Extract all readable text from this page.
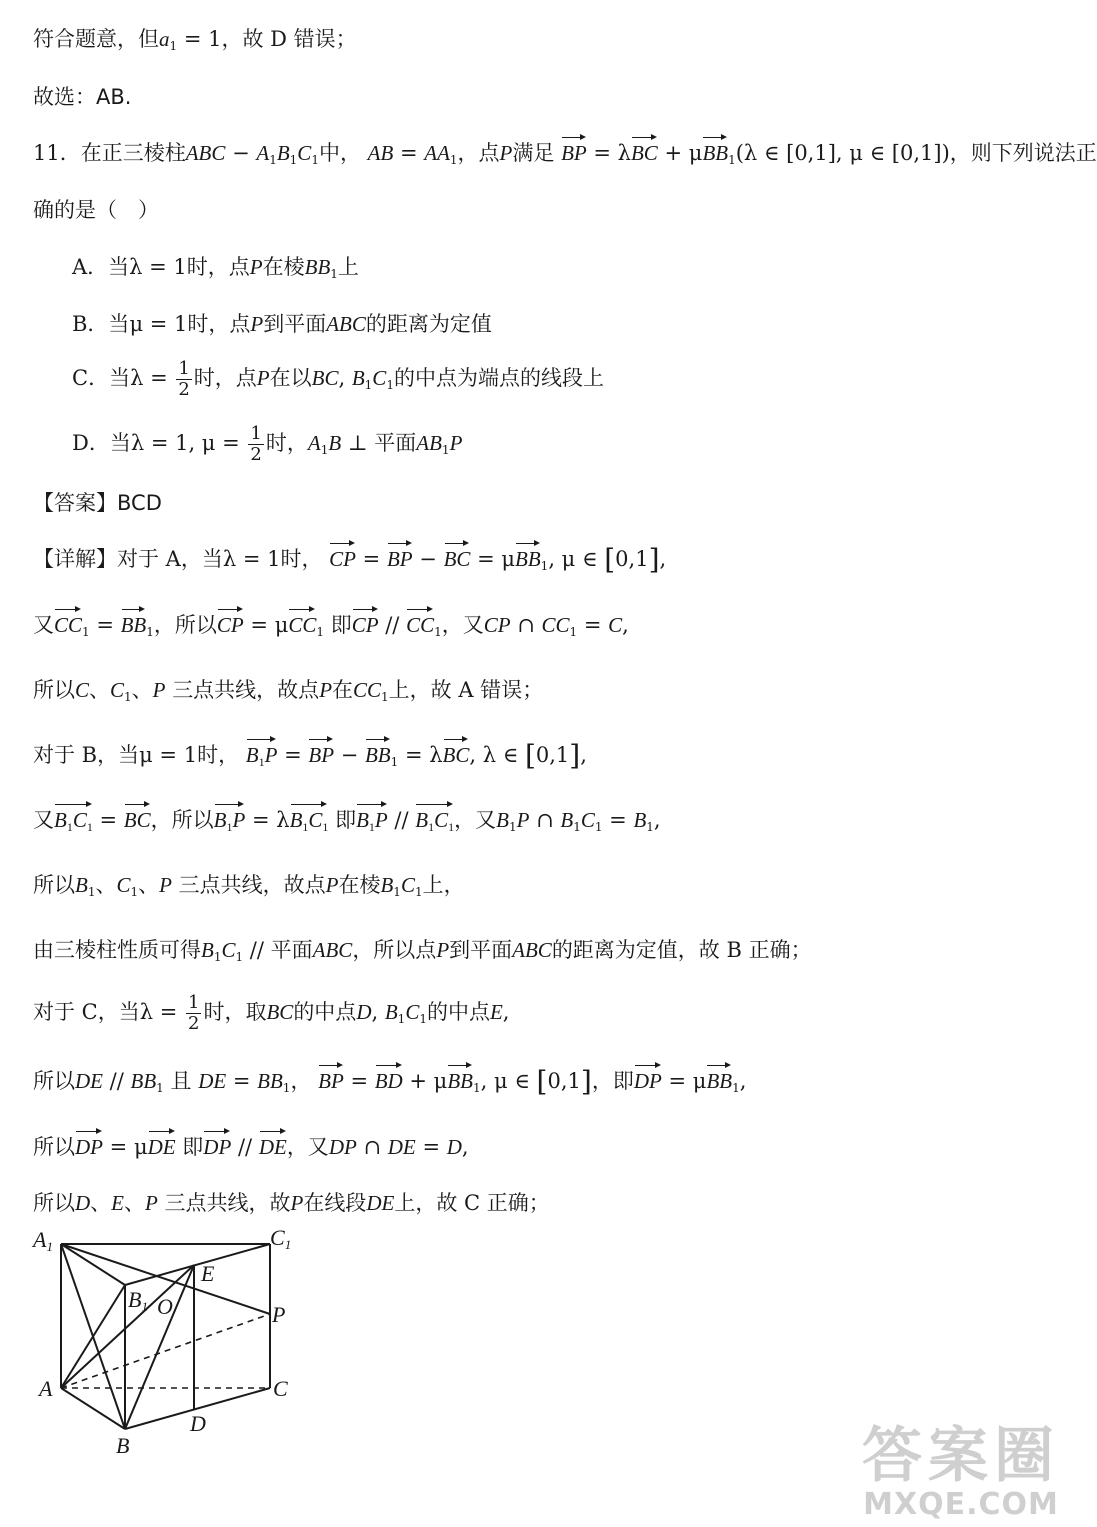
符合题意，但$a_1 = 1$，故 D 错误；
故选：AB.
11．在正三棱柱ABC − $A_1B_1C_1$中， AB = $AA_1$，点P满足 BP = λBC + μBB$_1$(λ ∈ [0,1], μ ∈ [0,1])，则下列说法正
确的是（　）
A．当λ = 1时，点P在棱$BB_1$上
B．当μ = 1时，点P到平面ABC的距离为定值
C．当$\lambda = \frac{1}{2}$ 时，点P在以BC, $B_1C_1$的中点为端点的线段上
D．当λ = 1, $\mu = \frac{1}{2}$ 时，$A_1B$ ⊥ 平面$AB_1P$
【答案】BCD
【详解】对于 A，当λ = 1时， CP = BP − BC = μBB$_1$, μ ∈ [0,1],
又$CC_1 = BB_1$，所以CP = μCC$_1$ 即CP // $CC_1$，又CP ∩ $CC_1 = C$,
所以C、$C_1$、P 三点共线，故点P在$CC_1$上，故 A 错误；
对于 B，当μ = 1时， $B_1P$ = BP − $BB_1 = \lambda BC$, λ ∈ [0,1],
又$B_1C_1$ = BC，所以$B_1P = \lambda B_1C_1$ 即$B_1P // B_1C_1$，又$B_1P$ ∩ $B_1C_1 = B_1$,
所以$B_1$、$C_1$、P 三点共线，故点P在棱$B_1C_1$上，
由三棱柱性质可得$B_1C_1$ // 平面ABC，所以点P到平面ABC的距离为定值，故 B 正确；
对于 C，当$\lambda = \frac{1}{2}$ 时，取BC的中点D, $B_1C_1$的中点E,
所以DE // $BB_1$ 且 DE = $BB_1$， BP = BD + μBB$_1$, μ ∈ [0,1]，即DP = μBB$_1$,
所以DP = μDE 即DP // DE，又DP ∩ DE = D,
所以D、E、P 三点共线，故P在线段DE上，故 C 正确；
A1	C1
B1
E
O	P
A	C
D
B	答案圈
MXQE.COM
